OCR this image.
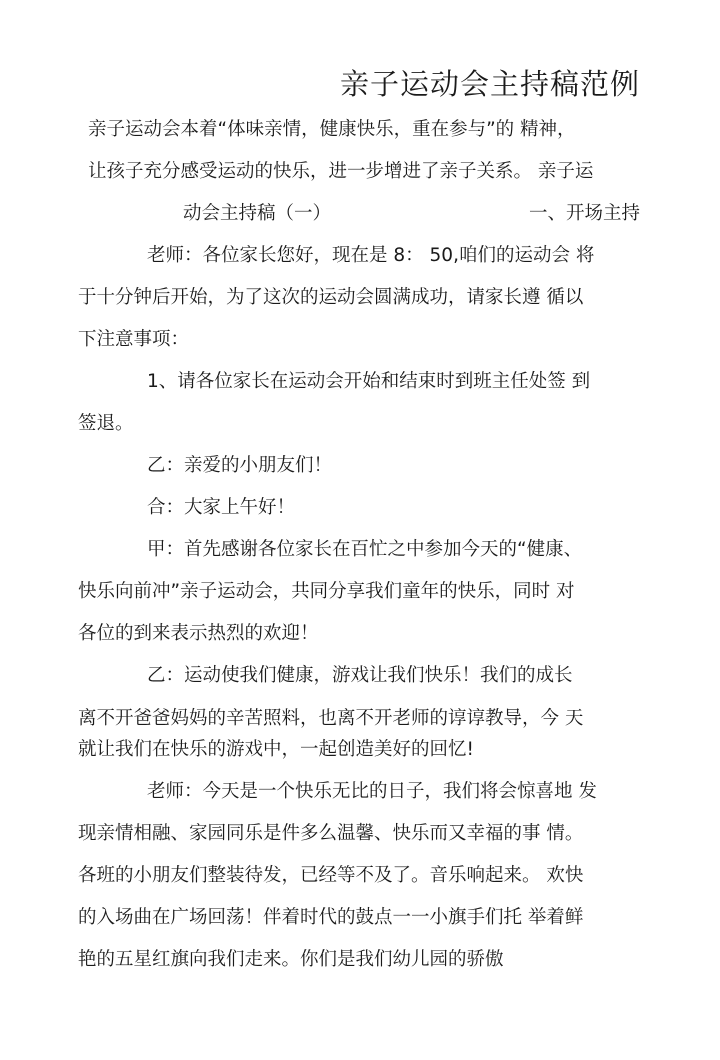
亲子运动会主持稿范例
亲子运动会本着“体味亲情，健康快乐，重在参与”的 精神，
让孩子充分感受运动的快乐，进一步增进了亲子关系。 亲子运
动会主持稿（一）	一、开场主持
老师：各位家长您好，现在是 8： 50,咱们的运动会 将
于十分钟后开始，为了这次的运动会圆满成功，请家长遵 循以
下注意事项：
1、请各位家长在运动会开始和结束时到班主任处签 到
签退。
乙：亲爱的小朋友们！
合：大家上午好！
甲：首先感谢各位家长在百忙之中参加今天的“健康、
快乐向前冲”亲子运动会，共同分享我们童年的快乐，同时 对
各位的到来表示热烈的欢迎！
乙：运动使我们健康，游戏让我们快乐！我们的成长
离不开爸爸妈妈的辛苦照料，也离不开老师的谆谆教导，今 天
就让我们在快乐的游戏中，一起创造美好的回忆!
老师：今天是一个快乐无比的日子，我们将会惊喜地 发
现亲情相融、家园同乐是件多么温馨、快乐而又幸福的事 情。
各班的小朋友们整装待发，已经等不及了。音乐响起来。 欢快
的入场曲在广场回荡！伴着时代的鼓点一一小旗手们托 举着鲜
艳的五星红旗向我们走来。你们是我们幼儿园的骄傲
